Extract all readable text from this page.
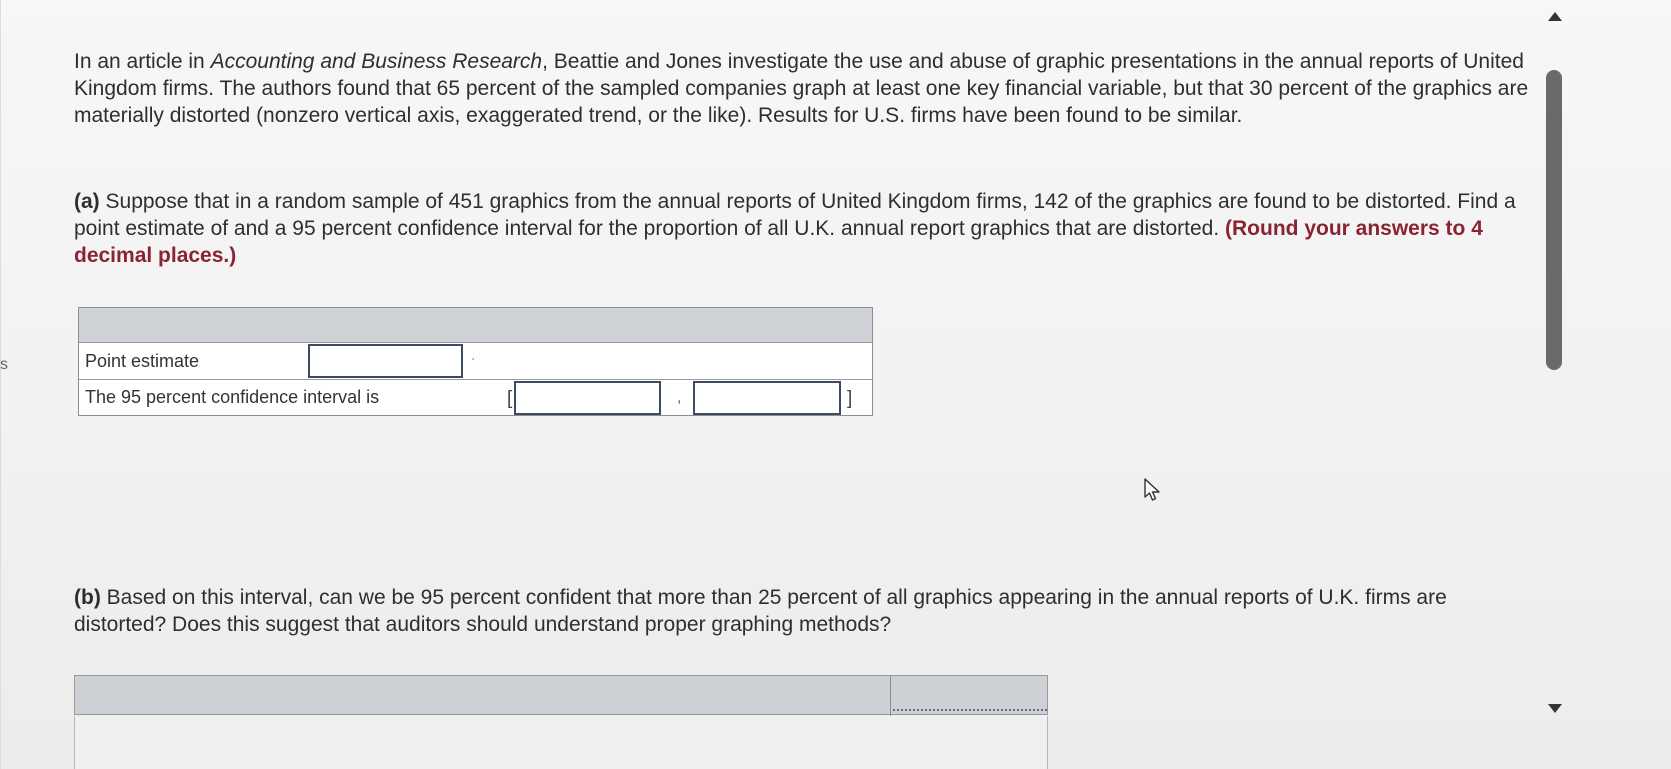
s

In an article in Accounting and Business Research, Beattie and Jones investigate the use and abuse of graphic presentations in the annual reports of United Kingdom firms. The authors found that 65 percent of the sampled companies graph at least one key financial variable, but that 30 percent of the graphics are materially distorted (nonzero vertical axis, exaggerated trend, or the like). Results for U.S. firms have been found to be similar.

(a) Suppose that in a random sample of 451 graphics from the annual reports of United Kingdom firms, 142 of the graphics are found to be distorted. Find a point estimate of and a 95 percent confidence interval for the proportion of all U.K. annual report graphics that are distorted. (Round your answers to 4 decimal places.)

(b) Based on this interval, can we be 95 percent confident that more than 25 percent of all graphics appearing in the annual reports of U.K. firms are distorted? Does this suggest that auditors should understand proper graphing methods?

Point estimate	.
The 95 percent confidence interval is	[	,	]
